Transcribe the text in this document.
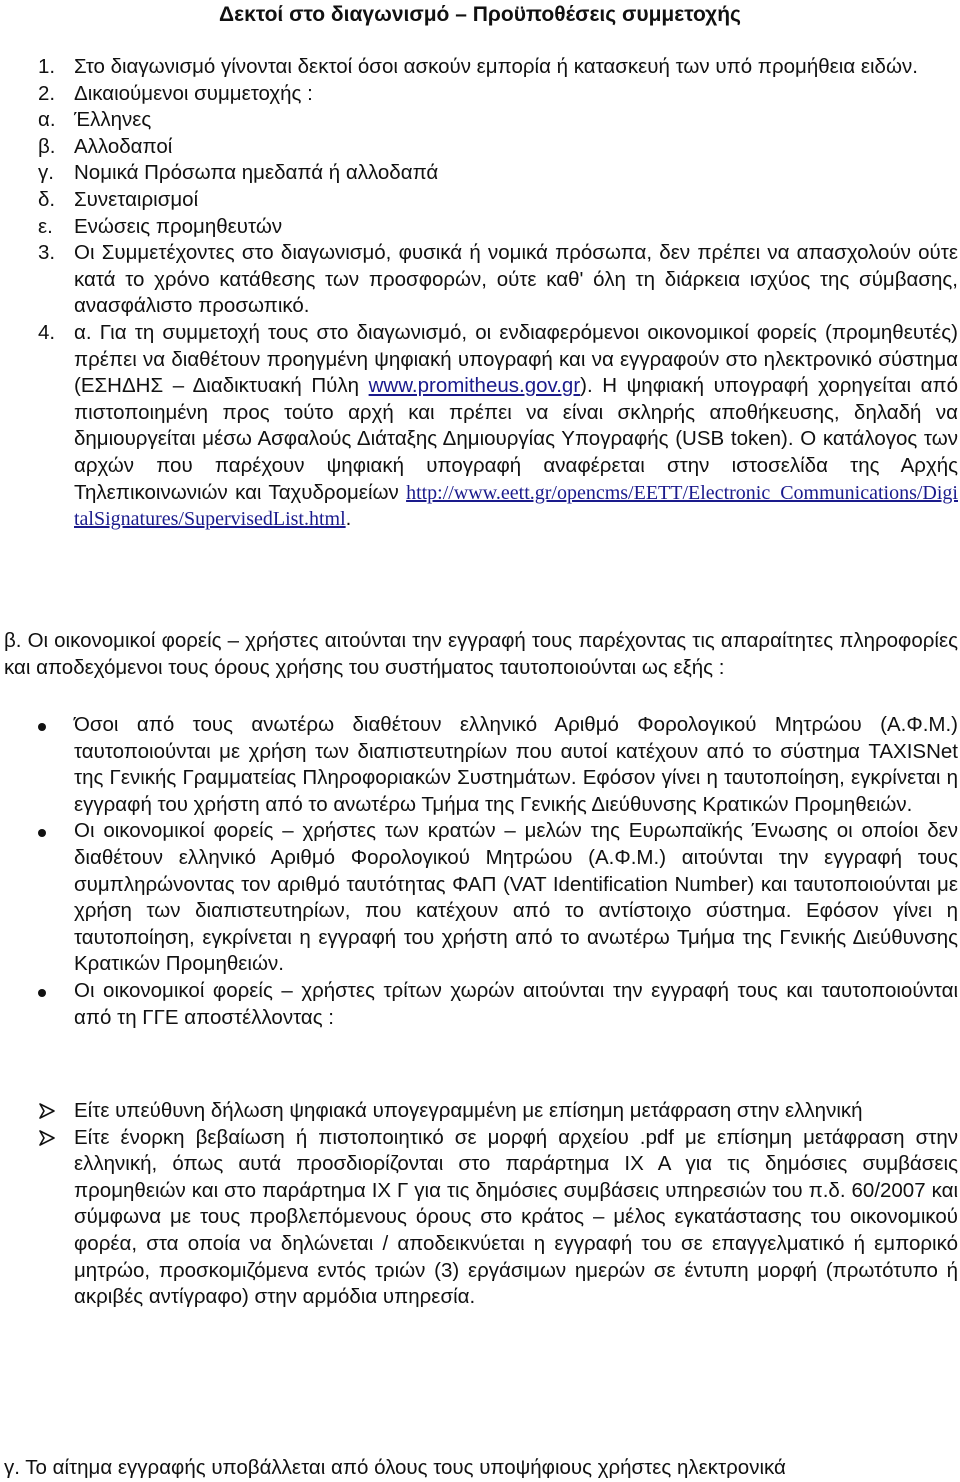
Δεκτοί στο διαγωνισμό – Προϋποθέσεις συμμετοχής
1. Στο διαγωνισμό γίνονται δεκτοί όσοι ασκούν εμπορία ή κατασκευή των υπό προμήθεια ειδών.
2. Δικαιούμενοι συμμετοχής :
α. Έλληνες
β. Αλλοδαποί
γ. Νομικά Πρόσωπα ημεδαπά ή αλλοδαπά
δ. Συνεταιρισμοί
ε. Ενώσεις προμηθευτών
3. Οι Συμμετέχοντες στο διαγωνισμό, φυσικά ή νομικά πρόσωπα, δεν πρέπει να απασχολούν ούτε κατά το χρόνο κατάθεσης των προσφορών, ούτε καθ' όλη τη διάρκεια ισχύος της σύμβασης, ανασφάλιστο προσωπικό.
4. α. Για τη συμμετοχή τους στο διαγωνισμό, οι ενδιαφερόμενοι οικονομικοί φορείς (προμηθευτές) πρέπει να διαθέτουν προηγμένη ψηφιακή υπογραφή και να εγγραφούν στο ηλεκτρονικό σύστημα (ΕΣΗΔΗΣ – Διαδικτυακή Πύλη www.promitheus.gov.gr). Η ψηφιακή υπογραφή χορηγείται από πιστοποιημένη προς τούτο αρχή και πρέπει να είναι σκληρής αποθήκευσης, δηλαδή να δημιουργείται μέσω Ασφαλούς Διάταξης Δημιουργίας Υπογραφής (USB token). Ο κατάλογος των αρχών που παρέχουν ψηφιακή υπογραφή αναφέρεται στην ιστοσελίδα της Αρχής Τηλεπικοινωνιών και Ταχυδρομείων http://www.eett.gr/opencms/EETT/Electronic_Communications/DigitalSignatures/SupervisedList.html.
β. Οι οικονομικοί φορείς – χρήστες αιτούνται την εγγραφή τους παρέχοντας τις απαραίτητες πληροφορίες και αποδεχόμενοι τους όρους χρήσης του συστήματος ταυτοποιούνται ως εξής :
Όσοι από τους ανωτέρω διαθέτουν ελληνικό Αριθμό Φορολογικού Μητρώου (Α.Φ.Μ.) ταυτοποιούνται με χρήση των διαπιστευτηρίων που αυτοί κατέχουν από το σύστημα TAXISNet της Γενικής Γραμματείας Πληροφοριακών Συστημάτων. Εφόσον γίνει η ταυτοποίηση, εγκρίνεται η εγγραφή του χρήστη από το ανωτέρω Τμήμα της Γενικής Διεύθυνσης Κρατικών Προμηθειών.
Οι οικονομικοί φορείς – χρήστες των κρατών – μελών της Ευρωπαϊκής Ένωσης οι οποίοι δεν διαθέτουν ελληνικό Αριθμό Φορολογικού Μητρώου (Α.Φ.Μ.) αιτούνται την εγγραφή τους συμπληρώνοντας τον αριθμό ταυτότητας ΦΑΠ (VAT Identification Number) και ταυτοποιούνται με χρήση των διαπιστευτηρίων, που κατέχουν από το αντίστοιχο σύστημα. Εφόσον γίνει η ταυτοποίηση, εγκρίνεται η εγγραφή του χρήστη από το ανωτέρω Τμήμα της Γενικής Διεύθυνσης Κρατικών Προμηθειών.
Οι οικονομικοί φορείς – χρήστες τρίτων χωρών αιτούνται την εγγραφή τους και ταυτοποιούνται από τη ΓΓΕ αποστέλλοντας :
Είτε υπεύθυνη δήλωση ψηφιακά υπογεγραμμένη με επίσημη μετάφραση στην ελληνική
Είτε ένορκη βεβαίωση ή πιστοποιητικό σε μορφή αρχείου .pdf με επίσημη μετάφραση στην ελληνική, όπως αυτά προσδιορίζονται στο παράρτημα ΙΧ Α για τις δημόσιες συμβάσεις προμηθειών και στο παράρτημα ΙΧ Γ για τις δημόσιες συμβάσεις υπηρεσιών του π.δ. 60/2007 και σύμφωνα με τους προβλεπόμενους όρους στο κράτος – μέλος εγκατάστασης του οικονομικού φορέα, στα οποία να δηλώνεται / αποδεικνύεται η εγγραφή του σε επαγγελματικό ή εμπορικό μητρώο, προσκομιζόμενα εντός τριών (3) εργάσιμων ημερών σε έντυπη μορφή (πρωτότυπο ή ακριβές αντίγραφο) στην αρμόδια υπηρεσία.
γ. Το αίτημα εγγραφής υποβάλλεται από όλους τους υποψήφιους χρήστες ηλεκτρονικά
